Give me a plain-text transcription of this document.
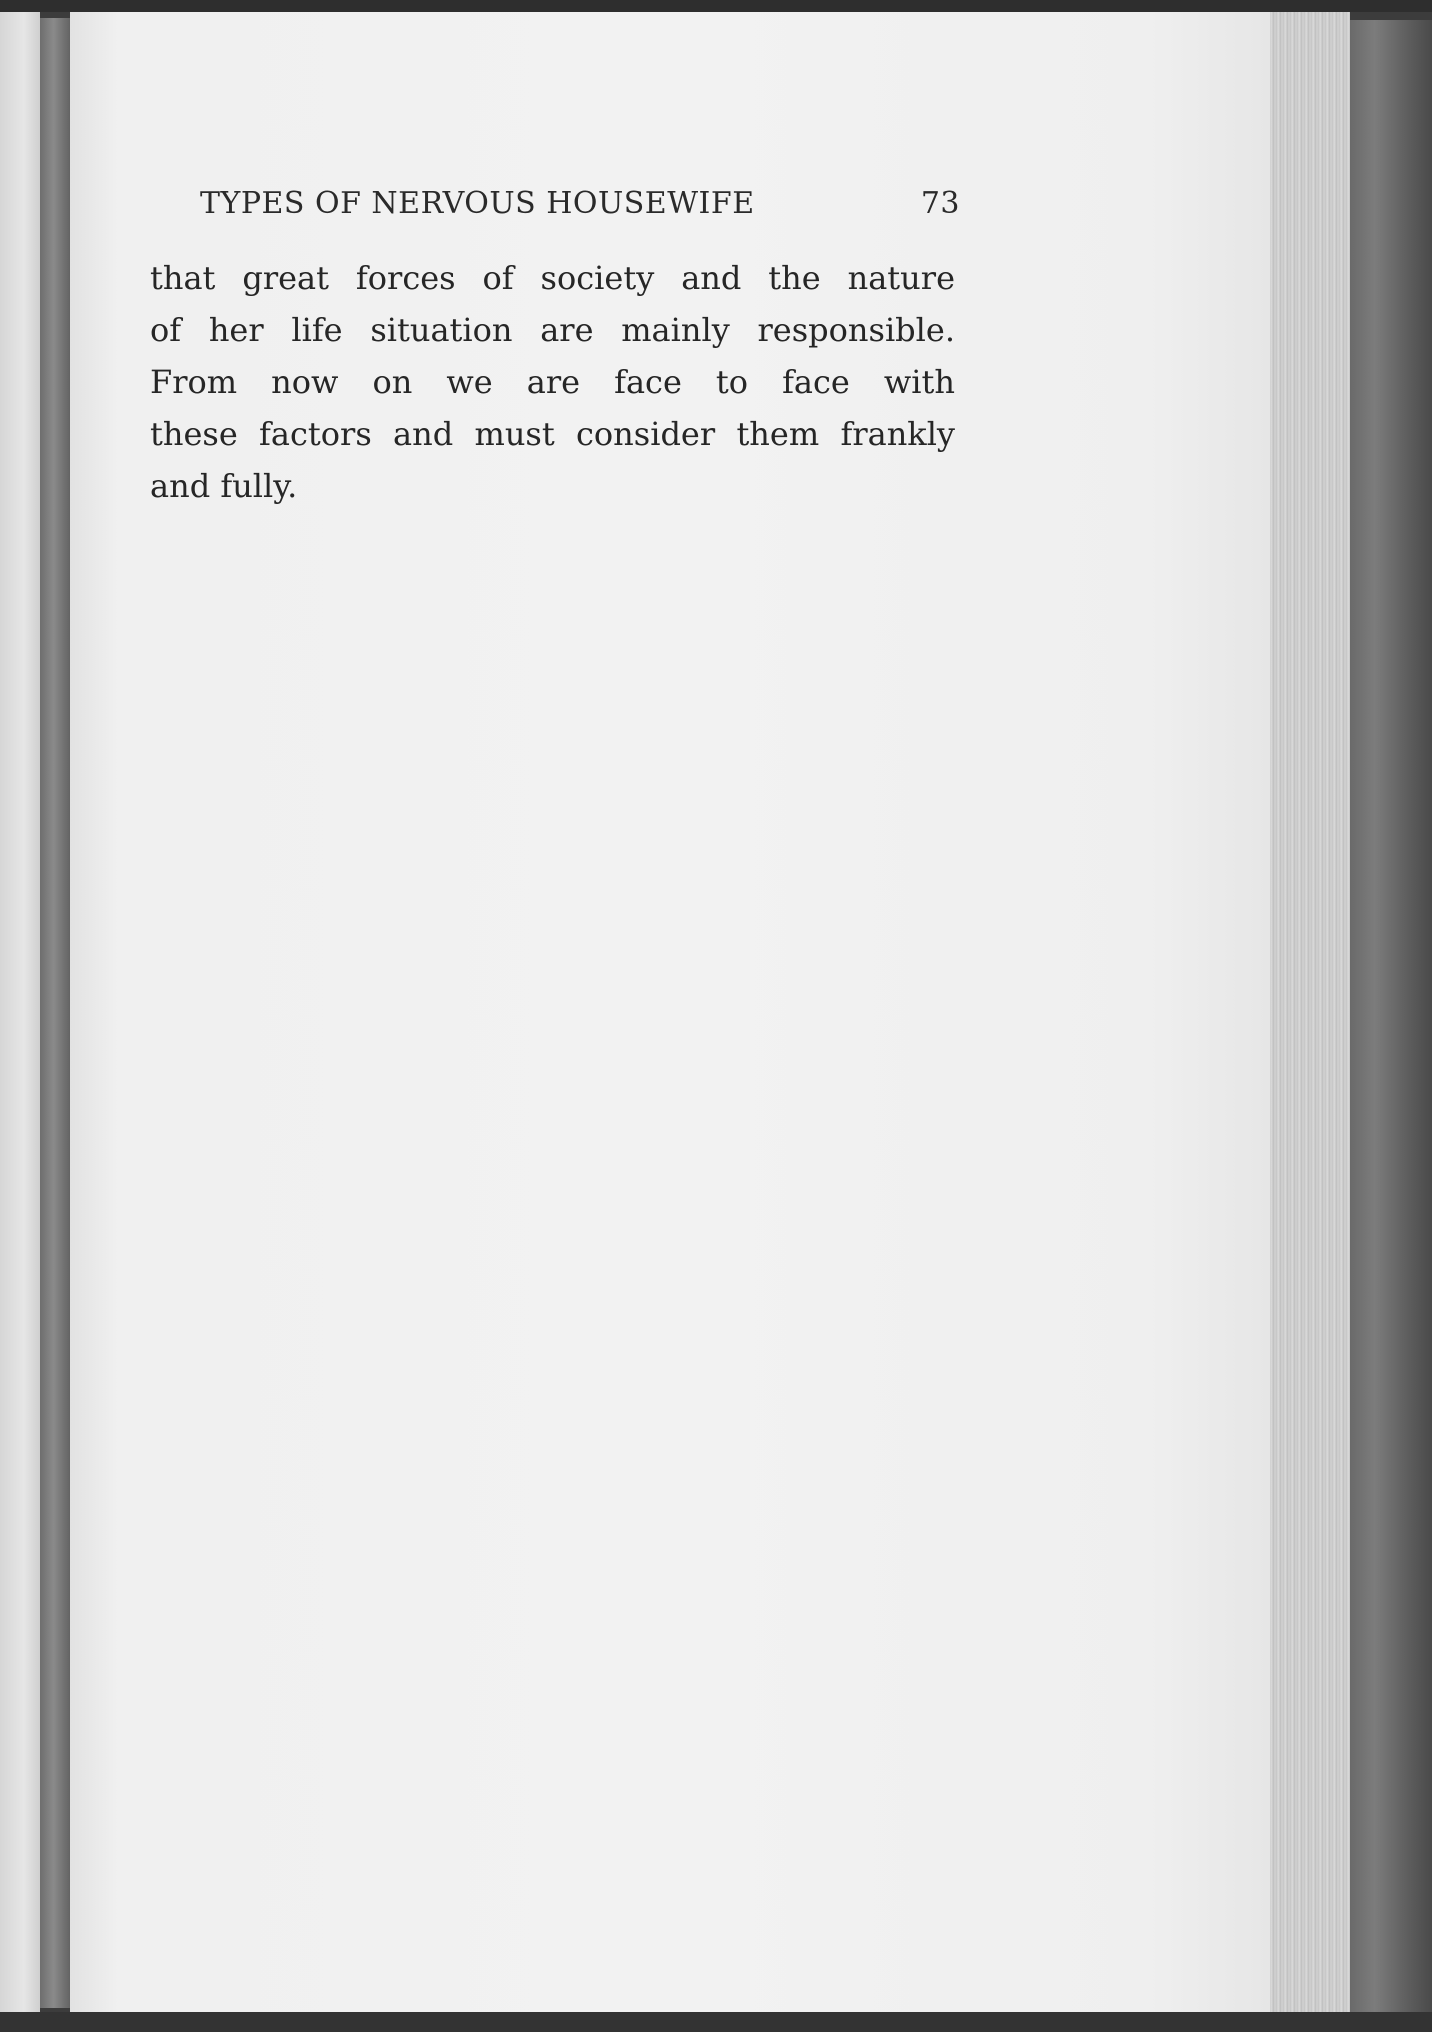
TYPES OF NERVOUS HOUSEWIFE	73
that great forces of society and the nature
of her life situation are mainly responsible.
From now on we are face to face with
these factors and must consider them frankly
and fully.
